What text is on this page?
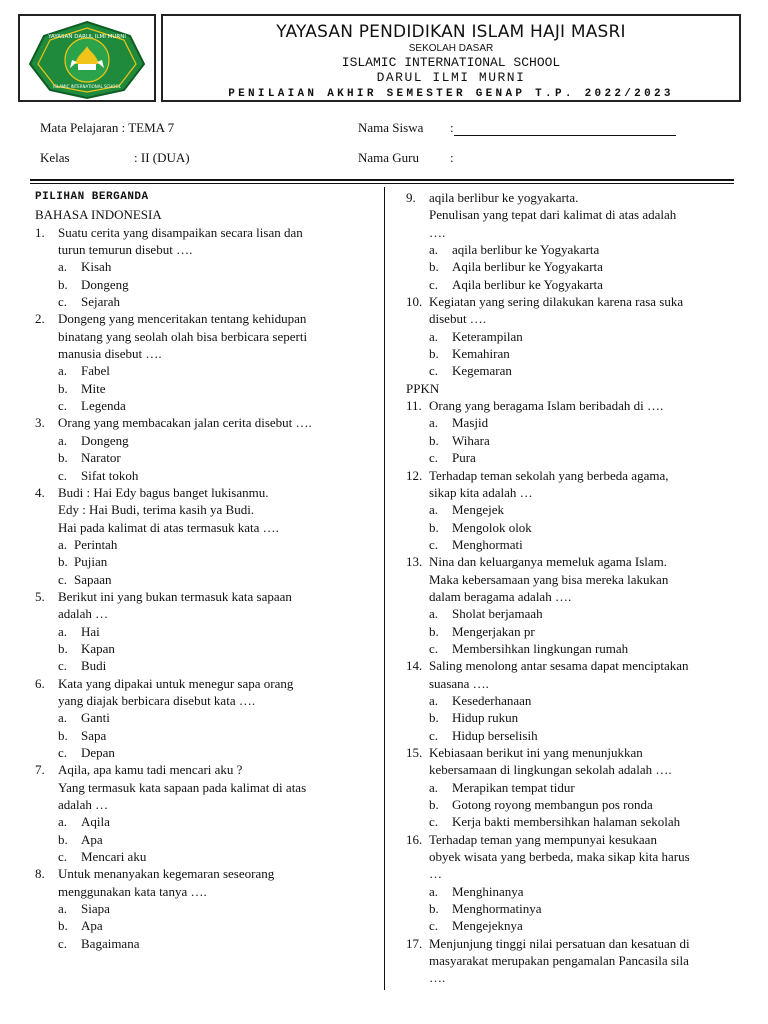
YAYASAN DARUL ILMI MURNI
ISLAMIC INTERNATIONAL SCHOOL
YAYASAN PENDIDIKAN ISLAM HAJI MASRI
SEKOLAH DASAR
ISLAMIC INTERNATIONAL SCHOOL
DARUL ILMI MURNI
PENILAIAN AKHIR SEMESTER GENAP T.P. 2022/2023
Mata Pelajaran : TEMA 7	Nama Siswa :
Kelas	: II (DUA)	Nama Guru :
PILIHAN BERGANDA
BAHASA INDONESIA
1. Suatu cerita yang disampaikan secara lisan dan
turun temurun disebut ….
a. Kisah
b. Dongeng
c. Sejarah
2. Dongeng yang menceritakan tentang kehidupan
binatang yang seolah olah bisa berbicara seperti
manusia disebut ….
a. Fabel
b. Mite
c. Legenda
3. Orang yang membacakan jalan cerita disebut ….
a. Dongeng
b. Narator
c. Sifat tokoh
4. Budi : Hai Edy bagus banget lukisanmu.
Edy : Hai Budi, terima kasih ya Budi.
Hai pada kalimat di atas termasuk kata ….
a. Perintah
b. Pujian
c. Sapaan
5. Berikut ini yang bukan termasuk kata sapaan
adalah …
a. Hai
b. Kapan
c. Budi
6. Kata yang dipakai untuk menegur sapa orang
yang diajak berbicara disebut kata ….
a. Ganti
b. Sapa
c. Depan
7. Aqila, apa kamu tadi mencari aku ?
Yang termasuk kata sapaan pada kalimat di atas
adalah …
a. Aqila
b. Apa
c. Mencari aku
8. Untuk menanyakan kegemaran seseorang
menggunakan kata tanya ….
a. Siapa
b. Apa
c. Bagaimana
9. aqila berlibur ke yogyakarta.
Penulisan yang tepat dari kalimat di atas adalah
….
a. aqila berlibur ke Yogyakarta
b. Aqila berlibur ke Yogyakarta
c. Aqila berlibur ke Yogyakarta
10. Kegiatan yang sering dilakukan karena rasa suka
disebut ….
a. Keterampilan
b. Kemahiran
c. Kegemaran
PPKN
11. Orang yang beragama Islam beribadah di ….
a. Masjid
b. Wihara
c. Pura
12. Terhadap teman sekolah yang berbeda agama,
sikap kita adalah …
a. Mengejek
b. Mengolok olok
c. Menghormati
13. Nina dan keluarganya memeluk agama Islam.
Maka kebersamaan yang bisa mereka lakukan
dalam beragama adalah ….
a. Sholat berjamaah
b. Mengerjakan pr
c. Membersihkan lingkungan rumah
14. Saling menolong antar sesama dapat menciptakan
suasana ….
a. Kesederhanaan
b. Hidup rukun
c. Hidup berselisih
15. Kebiasaan berikut ini yang menunjukkan
kebersamaan di lingkungan sekolah adalah ….
a. Merapikan tempat tidur
b. Gotong royong membangun pos ronda
c. Kerja bakti membersihkan halaman sekolah
16. Terhadap teman yang mempunyai kesukaan
obyek wisata yang berbeda, maka sikap kita harus
…
a. Menghinanya
b. Menghormatinya
c. Mengejeknya
17. Menjunjung tinggi nilai persatuan dan kesatuan di
masyarakat merupakan pengamalan Pancasila sila
….
